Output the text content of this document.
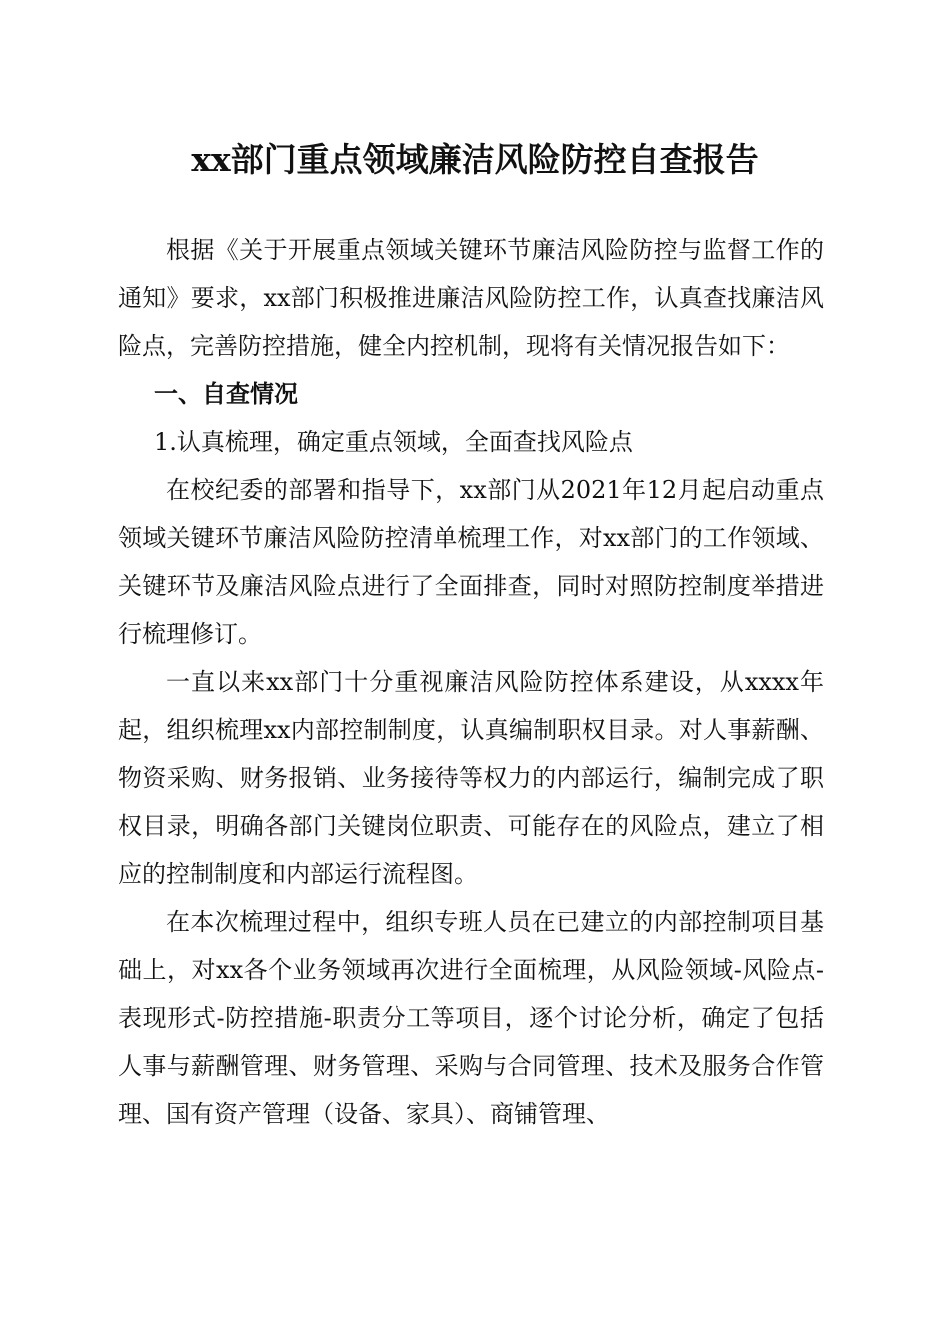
xx部门重点领域廉洁风险防控自查报告

根据《关于开展重点领域关键环节廉洁风险防控与监督工作的通知》要求，xx部门积极推进廉洁风险防控工作，认真查找廉洁风险点，完善防控措施，健全内控机制，现将有关情况报告如下：

一、自查情况

1.认真梳理，确定重点领域，全面查找风险点

在校纪委的部署和指导下，xx部门从2021年12月起启动重点领域关键环节廉洁风险防控清单梳理工作，对xx部门的工作领域、关键环节及廉洁风险点进行了全面排查，同时对照防控制度举措进行梳理修订。

一直以来xx部门十分重视廉洁风险防控体系建设，从xxxx年起，组织梳理xx内部控制制度，认真编制职权目录。对人事薪酬、物资采购、财务报销、业务接待等权力的内部运行，编制完成了职权目录，明确各部门关键岗位职责、可能存在的风险点，建立了相应的控制制度和内部运行流程图。

在本次梳理过程中，组织专班人员在已建立的内部控制项目基础上，对xx各个业务领域再次进行全面梳理，从风险领域-风险点-表现形式-防控措施-职责分工等项目，逐个讨论分析，确定了包括人事与薪酬管理、财务管理、采购与合同管理、技术及服务合作管理、国有资产管理（设备、家具）、商铺管理、
